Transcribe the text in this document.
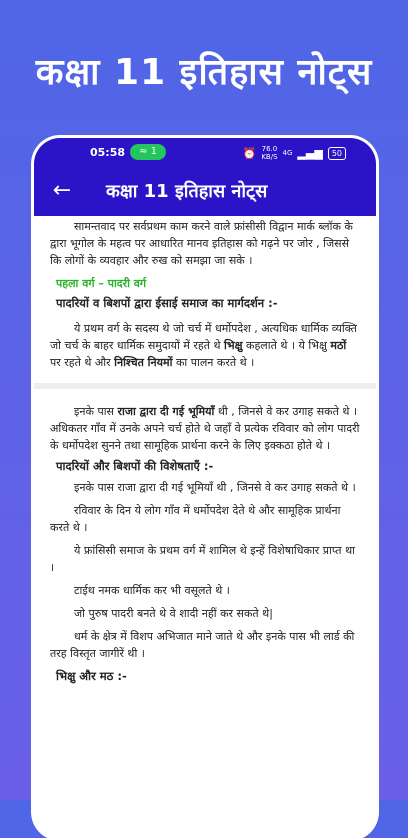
कक्षा 11 इतिहास नोट्स
05:58	≈ 1	⏰ 76.0
KB/S 4G ▂▄▆	50
← कक्षा 11 इतिहास नोट्स

सामन्तवाद पर सर्वप्रथम काम करने वाले फ्रांसीसी विद्वान मार्क ब्लॉक के द्वारा भूगोल के महत्व पर आधारित मानव इतिहास को गढ़ने पर जोर , जिससे कि लोगों के व्यवहार और रुख को समझा जा सके ।

पहला वर्ग – पादरी वर्ग

पादरियों व बिशपों द्वारा ईसाई समाज का मार्गदर्शन :-

ये प्रथम वर्ग के सदस्य थे जो चर्च में धर्मोपदेश , अत्यधिक धार्मिक व्यक्ति जो चर्च के बाहर धार्मिक समुदायों में रहते थे भिक्षु कहलाते थे । ये भिक्षु मठों पर रहते थे और निश्चित नियमों का पालन करते थे ।

इनके पास राजा द्वारा दी गई भूमियाँ थी , जिनसे वे कर उगाह सकते थे । अधिकतर गाँव में उनके अपने चर्च होते थे जहाँ वे प्रत्येक रविवार को लोग पादरी के धर्मोपदेश सुनने तथा सामूहिक प्रार्थना करने के लिए इक्कठा होते थे ।

पादरियों और बिशपों की विशेषताएँ :-

इनके पास राजा द्वारा दी गई भूमियाँ थी , जिनसे वे कर उगाह सकते थे ।

रविवार के दिन ये लोग गाँव में धर्मोपदेश देते थे और सामूहिक प्रार्थना करते थे ।

ये फ्रांसिसी समाज के प्रथम वर्ग में शामिल थे इन्हें विशेषाधिकार प्राप्त था ।

टाईथ नमक धार्मिक कर भी वसूलते थे ।

जो पुरुष पादरी बनते थे वे शादी नहीं कर सकते थे|

धर्म के क्षेत्र में विशप अभिजात माने जाते थे और इनके पास भी लार्ड की तरह विस्तृत जागीरें थी ।

भिक्षु और मठ :-
